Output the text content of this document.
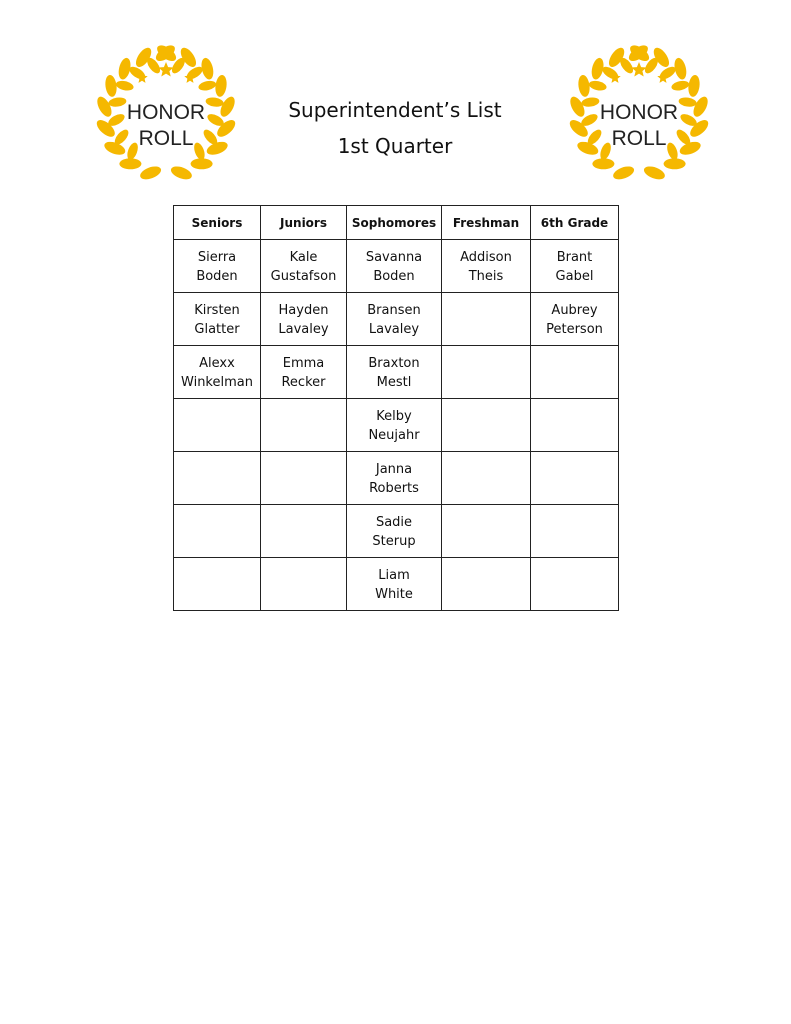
HONOR
ROLL
HONOR
ROLL
Superintendent’s List
1st Quarter
Seniors	Juniors	Sophomores	Freshman	6th Grade

Sierra
Boden	Kale
Gustafson	Savanna
Boden	Addison
Theis	Brant
Gabel

Kirsten
Glatter	Hayden
Lavaley	Bransen
Lavaley		Aubrey
Peterson

Alexx
Winkelman	Emma
Recker	Braxton
Mestl		

		Kelby
Neujahr		

		Janna
Roberts		

		Sadie
Sterup		

		Liam
White		
